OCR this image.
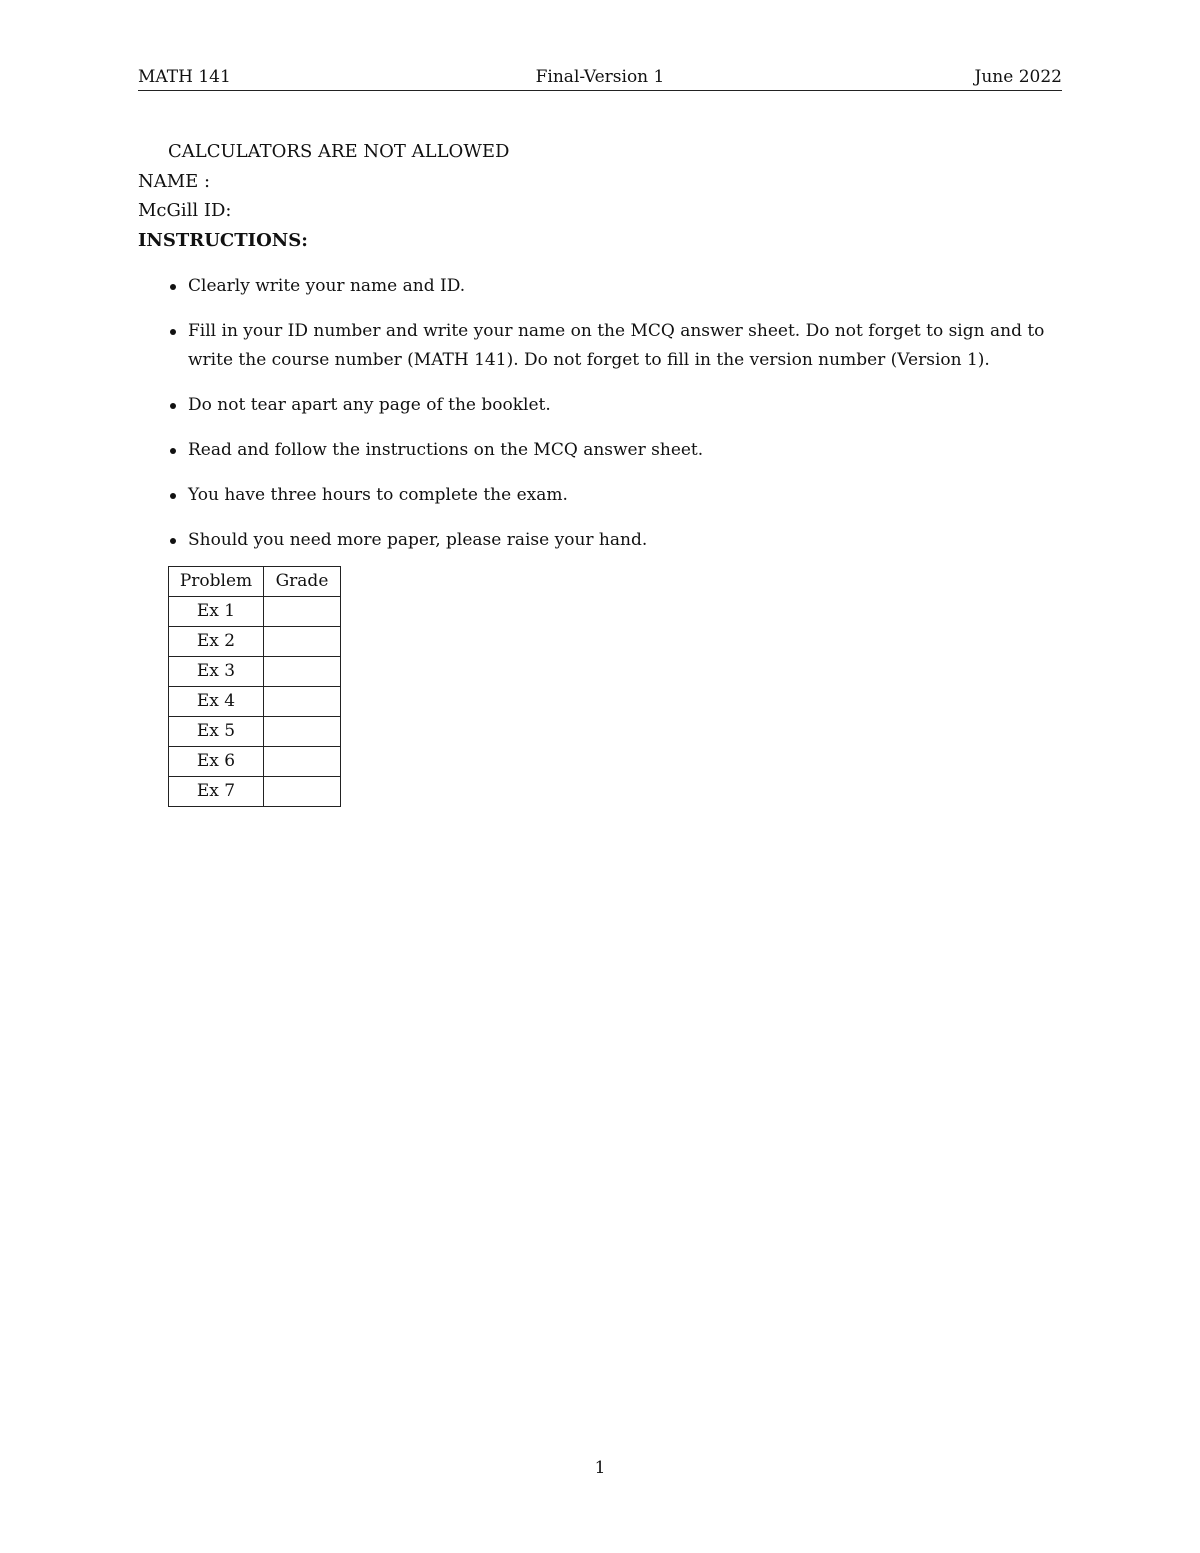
MATH 141	Final-Version 1	June 2022
CALCULATORS ARE NOT ALLOWED
NAME :
McGill ID:
INSTRUCTIONS:
Clearly write your name and ID.
Fill in your ID number and write your name on the MCQ answer sheet. Do not forget to sign and to write the course number (MATH 141). Do not forget to fill in the version number (Version 1).
Do not tear apart any page of the booklet.
Read and follow the instructions on the MCQ answer sheet.
You have three hours to complete the exam.
Should you need more paper, please raise your hand.
Problem	Grade
Ex 1	
Ex 2	
Ex 3	
Ex 4	
Ex 5	
Ex 6	
Ex 7	
1
